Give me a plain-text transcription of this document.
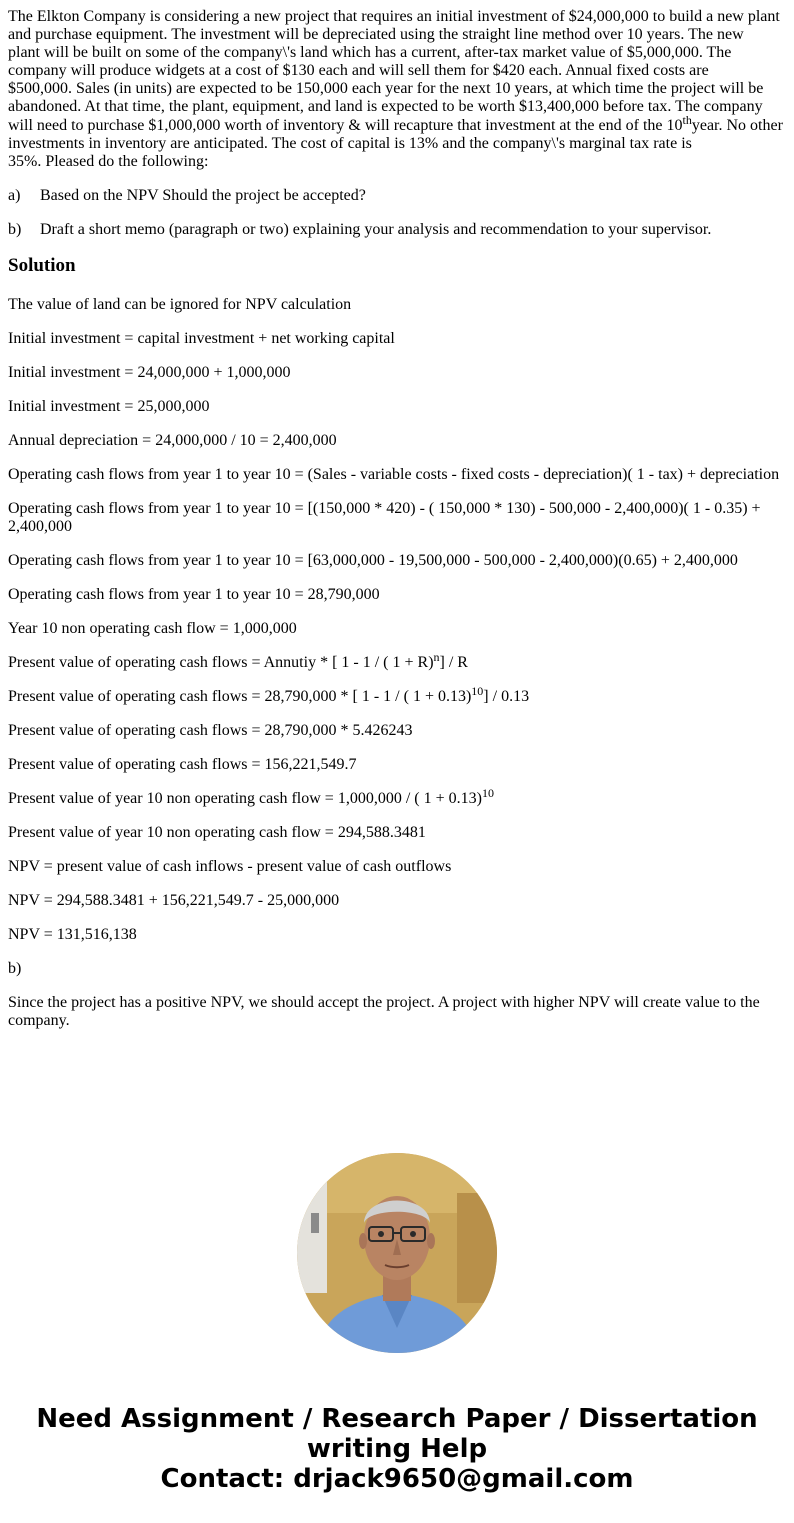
The Elkton Company is considering a new project that requires an initial investment of $24,000,000 to build a new plant
and purchase equipment. The investment will be depreciated using the straight line method over 10 years. The new
plant will be built on some of the company\'s land which has a current, after-tax market value of $5,000,000. The
company will produce widgets at a cost of $130 each and will sell them for $420 each. Annual fixed costs are
$500,000. Sales (in units) are expected to be 150,000 each year for the next 10 years, at which time the project will be
abandoned. At that time, the plant, equipment, and land is expected to be worth $13,400,000 before tax. The company
will need to purchase $1,000,000 worth of inventory & will recapture that investment at the end of the 10thyear. No other
investments in inventory are anticipated. The cost of capital is 13% and the company\'s marginal tax rate is
35%. Pleased do the following:
a) Based on the NPV Should the project be accepted?
b) Draft a short memo (paragraph or two) explaining your analysis and recommendation to your supervisor.
Solution
The value of land can be ignored for NPV calculation
Initial investment = capital investment + net working capital
Initial investment = 24,000,000 + 1,000,000
Initial investment = 25,000,000
Annual depreciation = 24,000,000 / 10 = 2,400,000
Operating cash flows from year 1 to year 10 = (Sales - variable costs - fixed costs - depreciation)( 1 - tax) + depreciation
Operating cash flows from year 1 to year 10 = [(150,000 * 420) - ( 150,000 * 130) - 500,000 - 2,400,000)( 1 - 0.35) + 2,400,000
Operating cash flows from year 1 to year 10 = [63,000,000 - 19,500,000 - 500,000 - 2,400,000)(0.65) + 2,400,000
Operating cash flows from year 1 to year 10 = 28,790,000
Year 10 non operating cash flow = 1,000,000
Present value of operating cash flows = Annutiy * [ 1 - 1 / ( 1 + R)$^n$] / R
Present value of operating cash flows = 28,790,000 * [ 1 - 1 / ( 1 + 0.13)$^{10}$] / 0.13
Present value of operating cash flows = 28,790,000 * 5.426243
Present value of operating cash flows = 156,221,549.7
Present value of year 10 non operating cash flow = 1,000,000 / ( 1 + 0.13)$^{10}$
Present value of year 10 non operating cash flow = 294,588.3481
NPV = present value of cash inflows - present value of cash outflows
NPV = 294,588.3481 + 156,221,549.7 - 25,000,000
NPV = 131,516,138
b)
Since the project has a positive NPV, we should accept the project. A project with higher NPV will create value to the company.
Need Assignment / Research Paper / Dissertation
writing Help
Contact: drjack9650@gmail.com
